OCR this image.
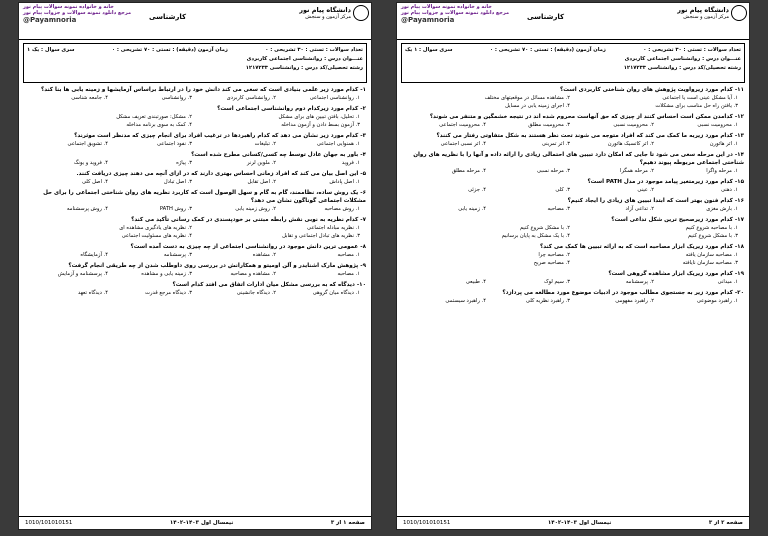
دانشگاه پیام نور
مرکز آزمون و سنجش
کارشناسی
خانه و خانواده نمونه سوالات پیام نور
مرجع دانلود نمونه سوالات و جزوات پیام نور
@Payamnoria
تعداد سوالات : تستی : ۳۰ تشریحی : ۰
زمان آزمون (دقیقه) : تستی : ۷۰ تشریحی : ۰
سری سوال : یک ۱
عنـــوان درس : روانشناسی اجتماعی کاربردی
رشته تحصیلی/کد درس : روانشناسی ۱۲۱۷۲۳۳
۱-کدام مورد زیر علمی بنیادی است که سعی می کند دانش خود را در ارتباط براساس آزمایشها و زمینه یابی ها بنا کند؟
۱. روانشناسی اجتماعی
۲. روانشناسی کاربردی
۳. روانشناسی
۴. جامعه شناسی
۲-کدام مورد زیرکدام دوم روانشناسی اجتماعی است؟
۱. تحلیل، بافتن تبیین های برای مشکل
۲. مشکل: صورتبندی تعریف مشکل
۳. آزمون بسط دادن و آزمون مداخله
۴. کمک به سوی برنامه مداخله
۳-کدام مورد زیر نشان می دهد که کدام راهبردها در ترغیب افراد برای انجام چیزی که مدنظر است موثرند؟
۱. همنوایی اجتماعی
۲. تبلیغات
۳. نفوذ اجتماعی
۴. تشویق اجتماعی
۴-باور به جهان عادل توسط چه کسی/کسانی مطرح شده است؟
۱. فروید
۲. ملوین لرنر
۳. پیاژه
۴. فروید و یونگ
۵-این اصل بیان می کند که افراد زمانی احساس بهتری دارند که در ازای آنچه می دهند چیزی دریافت کنند.
۱. اصل پاداش
۲. اصل تقابل
۳. اصل تبادل
۴. اصل کلی
۶-یک روش ساده، نظاممند، گام به گام و سهل الوصول است که کاربرد نظریه های روان شناختی اجتماعی را برای حل مشکلات اجتماعی گوناگون نشان می دهد؟
۱. روش مصاحبه
۲. روش زمینه یابی
۳. روش PATH
۴. روش پرسشنامه
۷-کدام نظریه به نوبی نقش رابطه مبتنی بر خودپسندی در کمک رسانی تأکید می کند؟
۱. نظریه مبادله اجتماعی
۲. نظریه های یادگیری مشاهده ای
۳. نظریه های تبادل اجتماعی و تقابل
۴. نظریه های مسئولیت اجتماعی
۸-عمومی ترین دانش موجود در روانشناسی اجتماعی از چه چیزی به دست آمده است؟
۱. مصاحبه
۲. مشاهده
۳. پرسشنامه
۴. آزمایشگاه
۹-پژوهش مارک اشنایدر و آلن اومیتو و همکارانش در بررسی روی داوطلب شدن از چه طریقی انجام گرفت؟
۱. مصاحبه
۲. مشاهده و مصاحبه
۳. زمینه یابی و مشاهده
۴. پرسشنامه و آزمایش
۱۰-دیدگاه که به بررسی مشکل میان ادارات اتفاق می افتد کدام است؟
۱. دیدگاه میان گروهی
۲. دیدگاه جانشینی
۳. دیدگاه مرجع قدرت
۴. دیدگاه تعهد
صفحه ۱ از ۳
نیمسال اول ۱۴۰۳-۱۴۰۲
1010/101010151
دانشگاه پیام نور
مرکز آزمون و سنجش
کارشناسی
خانه و خانواده نمونه سوالات پیام نور
مرجع دانلود نمونه سوالات و جزوات پیام نور
@Payamnoria
تعداد سوالات : تستی : ۳۰ تشریحی : ۰
زمان آزمون (دقیقه) : تستی : ۷۰ تشریحی : ۰
سری سوال : ۱ یک
عنـــوان درس : روانشناسی اجتماعی کاربردی
رشته تحصیلی/کد درس : روانشناسی ۱۲۱۷۲۳۳
۱۱-کدام مورد زیرواویت پژوهش های روان شناختی کاربردی است؟
۱. آیا مشکل عینی است یا اجتماعی
۲. مشاهده مسائل در موقعیتهای مختلف
۳. یافتن راه حل مناسب برای مشکلات
۴. اجرای زمینه یابی در مسایل
۱۲-کدامدن ممکن است احساس کنند از چیزی که حق آنهاست محروم شده اند در نتیجه خشمگین و متنفر می شوند؟
۱. محرومیت نسبی
۲. محرومیت نسبی
۳. محرومیت مطلق
۴. محرومیت اجتماعی
۱۳-کدام مورد زیربه ما کمک می کند که افراد متوجه می شوند تحت نظر هستند به شکل متفاوتی رفتار می کنند؟
۱. اثر هاثورن
۲. اثر کاتسیک هاثورن
۳. اثر تمرینی
۴. اثر نسبی اجتماعی
۱۴-در این مرحله سعی می شود تا جایی که امکان دارد تبیین های احتمالی زیادی را ارائه داده و آنها را با نظریه های روان شناختی اجتماعی مربوطه پیوند دهیم؟
۱. مرحله واگرا
۲. مرحله همگرا
۳. مرحله نسبی
۴. مرحله مطلق
۱۵-کدام مورد زیرمتغیر پیامد موجود در مدل PATH است؟
۱. ذهنی
۲. عینی
۳. کلی
۴. جزئی
۱۶-کدام فنون بهتر است که ابتدا تبیین های زیادی را ایجاد کنیم؟
۱. بارش مغزی
۲. تداعی آزاد
۳. مصاحبه
۴. زمینه یابی
۱۷-کدام مورد زیرصحیح ترین شکل تداعی است؟
۱. با مصاحبه شروع کنیم
۲. با مشکل شروع کنیم
۳. با مشکل شروع کنیم
۴. با یک مشکل به پایان برسانیم
۱۸-کدام مورد زیریک ابزار مصاحبه است که به ارائه تبیین ها کمک می کند؟
۱. مصاحبه سازمان یافته
۲. مصاحبه چرا
۳. مصاحبه سازمان نایافته
۴. مصاحبه صریح
۱۹-کدام مورد زیریک ابزار مشاهده گروهی است؟
۱. میدانی
۲. پرسشنامه
۳. سیم لوک
۴. طبیعی
۲۰-کدام مورد زیر به جستجوی مطالب موجود در ادبیات موضوع مورد مطالعه می پردازد؟
۱. راهبرد موضوعی
۲. راهبرد مفهومی
۳. راهبرد نظریه کلی
۴. راهبرد سیستمی
صفحه ۲ از ۳
نیمسال اول ۱۴۰۳-۱۴۰۲
1010/101010151
